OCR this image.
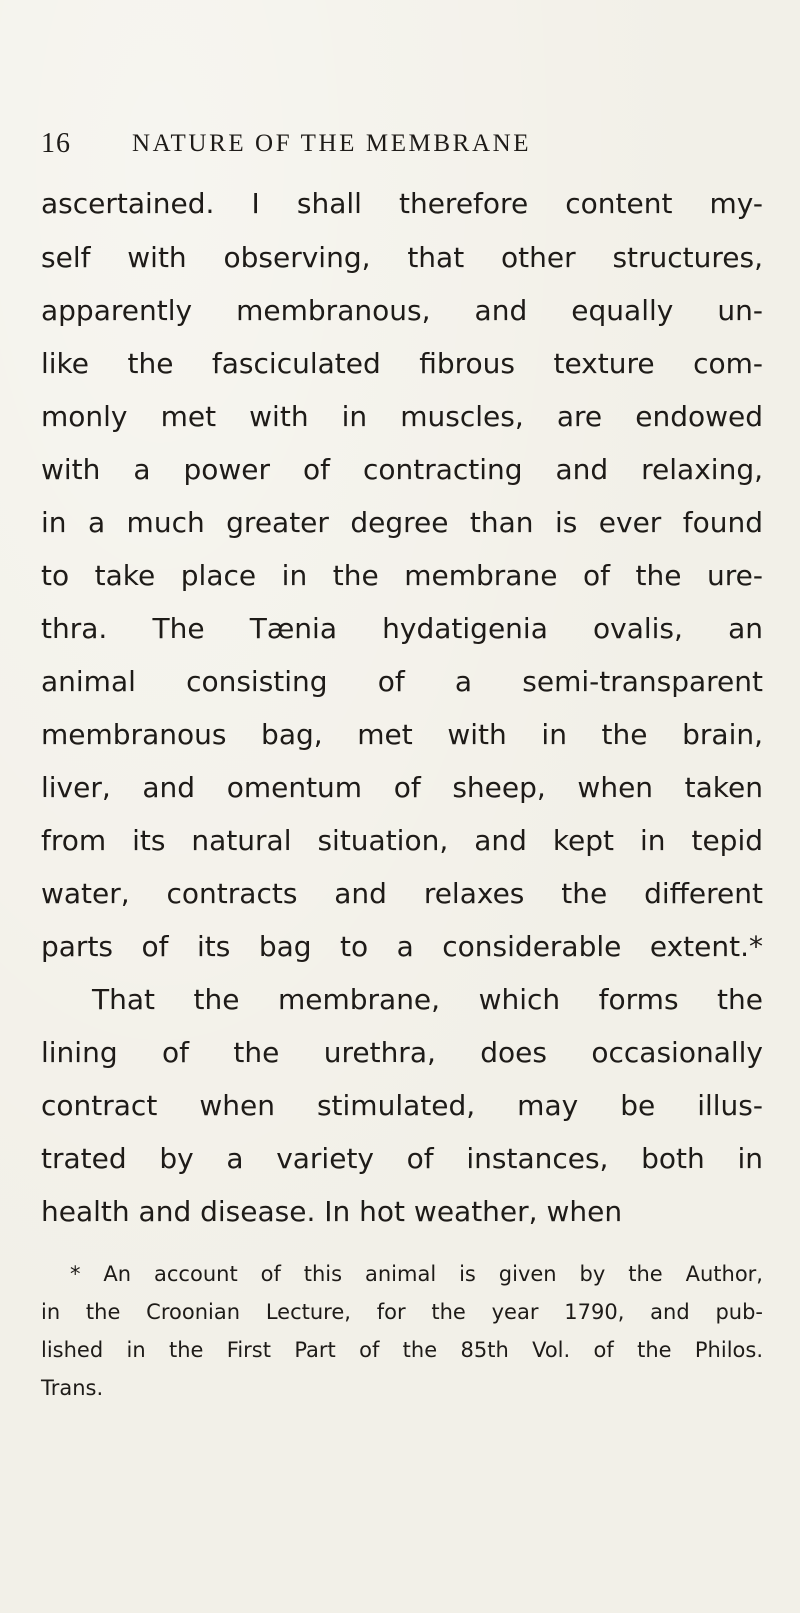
16 NATURE OF THE MEMBRANE
ascertained. I shall therefore content my-
self with observing, that other structures,
apparently membranous, and equally un-
like the fasciculated fibrous texture com-
monly met with in muscles, are endowed
with a power of contracting and relaxing,
in a much greater degree than is ever found
to take place in the membrane of the ure-
thra. The Tænia hydatigenia ovalis, an
animal consisting of a semi-transparent
membranous bag, met with in the brain,
liver, and omentum of sheep, when taken
from its natural situation, and kept in tepid
water, contracts and relaxes the different
parts of its bag to a considerable extent.*
That the membrane, which forms the
lining of the urethra, does occasionally
contract when stimulated, may be illus-
trated by a variety of instances, both in
health and disease. In hot weather, when
* An account of this animal is given by the Author,
in the Croonian Lecture, for the year 1790, and pub-
lished in the First Part of the 85th Vol. of the Philos.
Trans.
